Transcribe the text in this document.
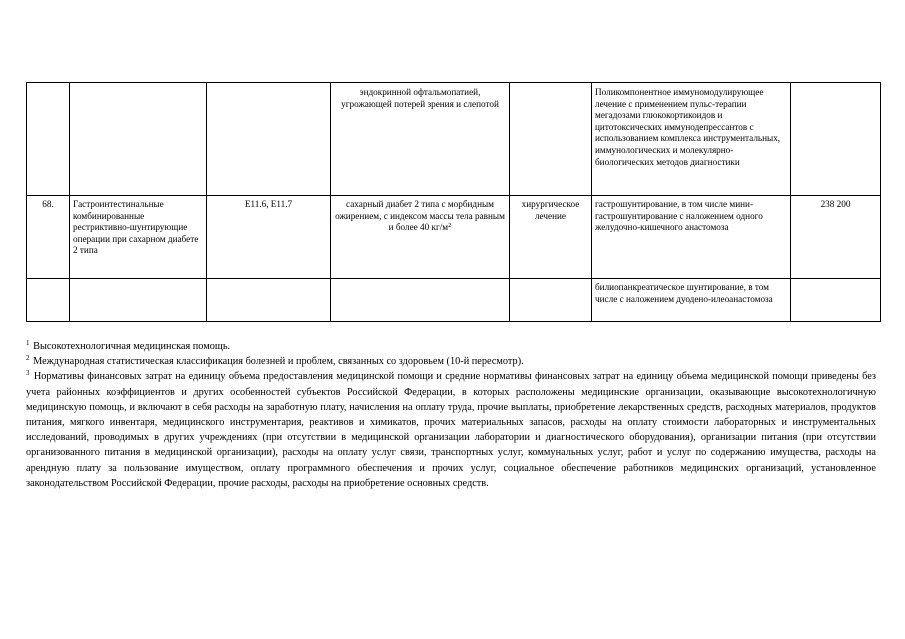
			эндокринной офтальмопатией, угрожающей потерей зрения и слепотой		Поликомпонентное иммуномодулирующее лечение с применением пульс-терапии мегадозами глюкокортикоидов и цитотоксических иммунодепрессантов с использованием комплекса инструментальных, иммунологических и молекулярно-биологических методов диагностики	
68.	Гастроинтестинальные комбинированные рестриктивно-шунтирующие операции при сахарном диабете 2 типа	E11.6, E11.7	сахарный диабет 2 типа с морбидным ожирением, с индексом массы тела равным и более 40 $кг/м^2$	хирургическое лечение	гастрошунтирование, в том числе мини-гастрошунтирование с наложением одного желудочно-кишечного анастомоза	238 200
					билиопанкреатическое шунтирование, в том числе с наложением дуодено-илеоанастомоза	

$^1$ Высокотехнологичная медицинская помощь.

$^2$ Международная статистическая классификация болезней и проблем, связанных со здоровьем (10-й пересмотр).

$^3$ Нормативы финансовых затрат на единицу объема предоставления медицинской помощи и средние нормативы финансовых затрат на единицу объема медицинской помощи приведены без учета районных коэффициентов и других особенностей субъектов Российской Федерации, в которых расположены медицинские организации, оказывающие высокотехнологичную медицинскую помощь, и включают в себя расходы на заработную плату, начисления на оплату труда, прочие выплаты, приобретение лекарственных средств, расходных материалов, продуктов питания, мягкого инвентаря, медицинского инструментария, реактивов и химикатов, прочих материальных запасов, расходы на оплату стоимости лабораторных и инструментальных исследований, проводимых в других учреждениях (при отсутствии в медицинской организации лаборатории и диагностического оборудования), организации питания (при отсутствии организованного питания в медицинской организации), расходы на оплату услуг связи, транспортных услуг, коммунальных услуг, работ и услуг по содержанию имущества, расходы на арендную плату за пользование имуществом, оплату программного обеспечения и прочих услуг, социальное обеспечение работников медицинских организаций, установленное законодательством Российской Федерации, прочие расходы, расходы на приобретение основных средств.
